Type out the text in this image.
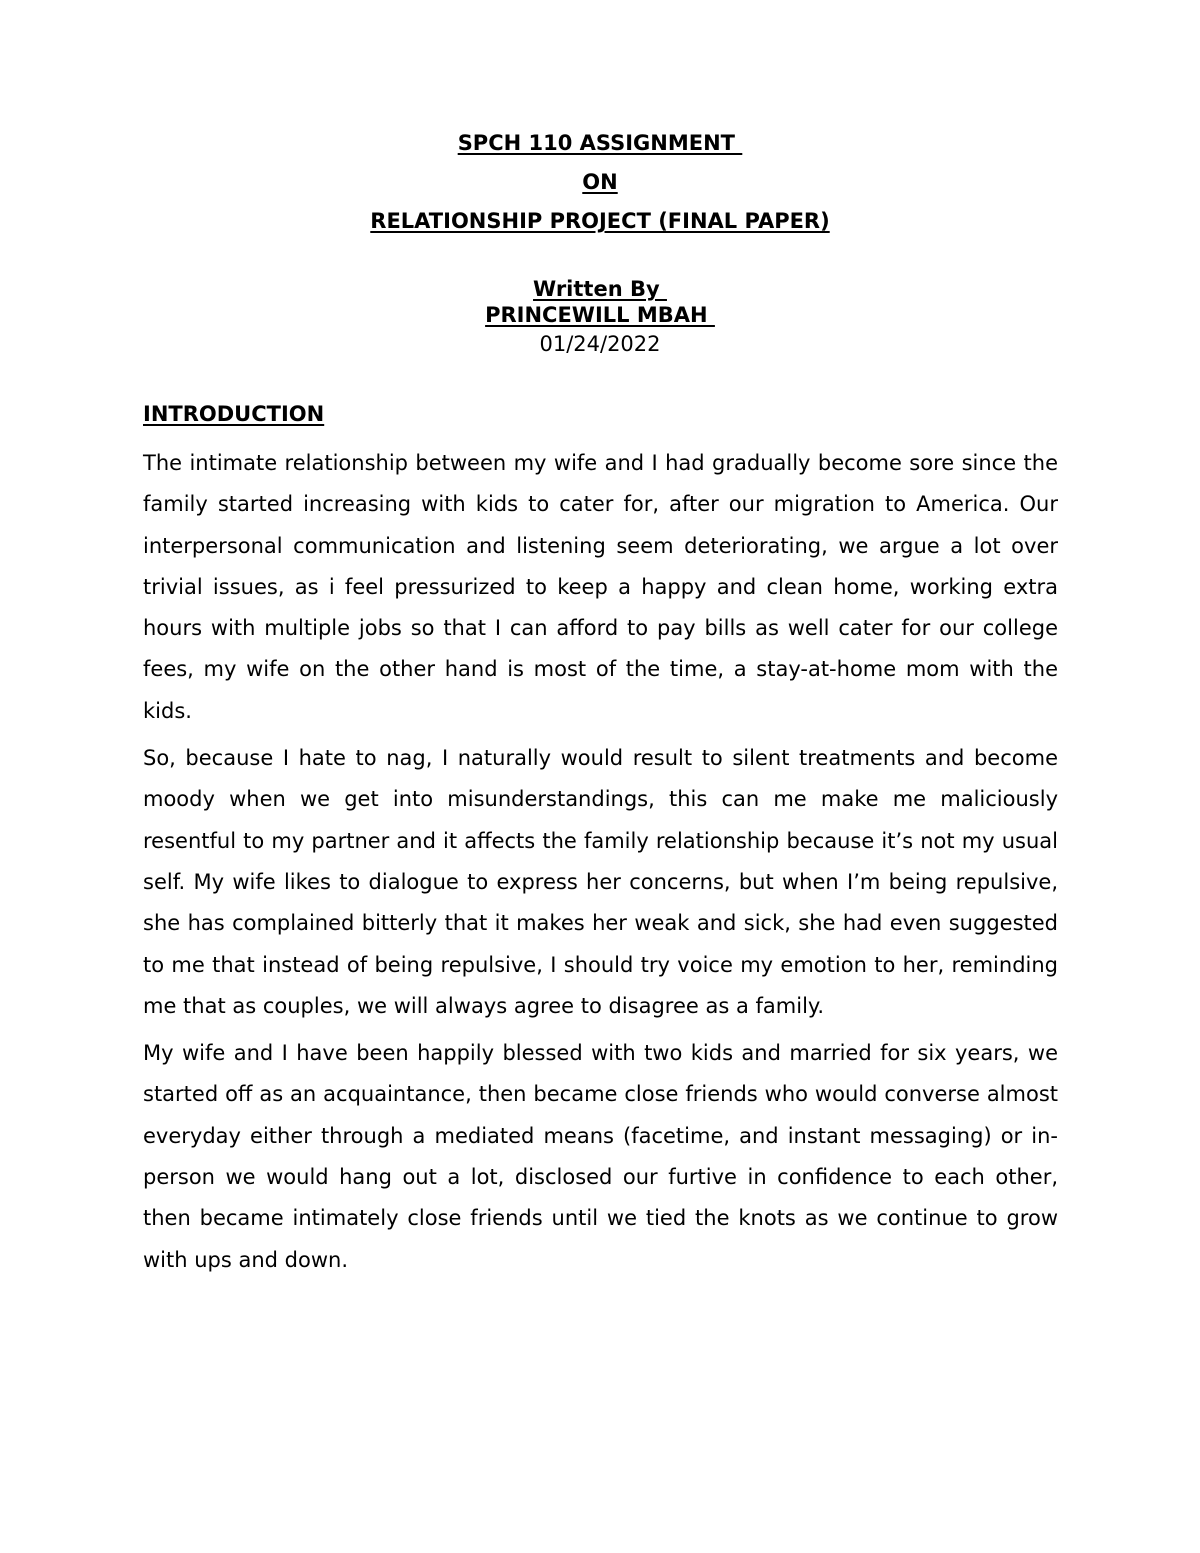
SPCH 110 ASSIGNMENT
ON
RELATIONSHIP PROJECT (FINAL PAPER)
Written By
PRINCEWILL MBAH
01/24/2022
INTRODUCTION

The intimate relationship between my wife and I had gradually become sore since the family started increasing with kids to cater for, after our migration to America. Our interpersonal communication and listening seem deteriorating, we argue a lot over trivial issues, as i feel pressurized to keep a happy and clean home, working extra hours with multiple jobs so that I can afford to pay bills as well cater for our college fees, my wife on the other hand is most of the time, a stay-at-home mom with the kids.

So, because I hate to nag, I naturally would result to silent treatments and become moody when we get into misunderstandings, this can me make me maliciously resentful to my partner and it affects the family relationship because it’s not my usual self. My wife likes to dialogue to express her concerns, but when I’m being repulsive, she has complained bitterly that it makes her weak and sick, she had even suggested to me that instead of being repulsive, I should try voice my emotion to her, reminding me that as couples, we will always agree to disagree as a family.

My wife and I have been happily blessed with two kids and married for six years, we started off as an acquaintance, then became close friends who would converse almost everyday either through a mediated means (facetime, and instant messaging) or in-person we would hang out a lot, disclosed our furtive in confidence to each other, then became intimately close friends until we tied the knots as we continue to grow with ups and down.
